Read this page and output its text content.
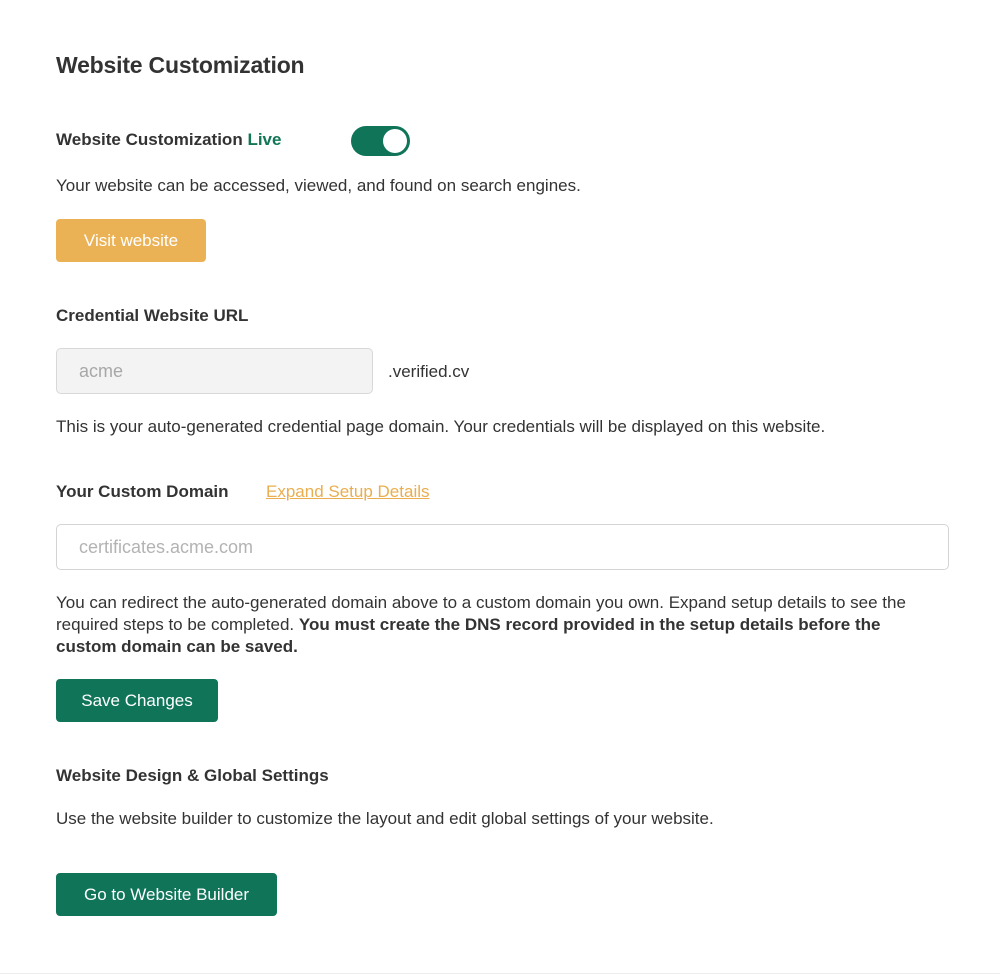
Website Customization
Website Customization Live
Your website can be accessed, viewed, and found on search engines.
Visit website
Credential Website URL
acme
.verified.cv
This is your auto-generated credential page domain. Your credentials will be displayed on this website.
Your Custom Domain Expand Setup Details
certificates.acme.com
You can redirect the auto-generated domain above to a custom domain you own. Expand setup details to see the
required steps to be completed. You must create the DNS record provided in the setup details before the
custom domain can be saved.
Save Changes
Website Design & Global Settings
Use the website builder to customize the layout and edit global settings of your website.
Go to Website Builder
